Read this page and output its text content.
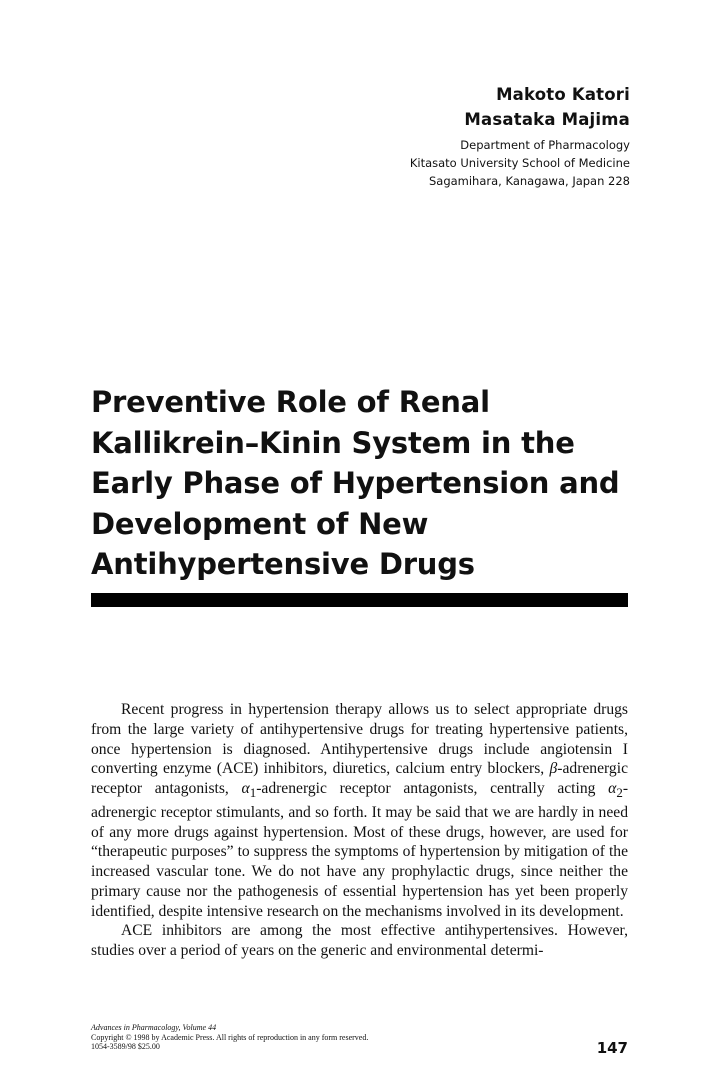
Makoto Katori
Masataka Majima
Department of Pharmacology
Kitasato University School of Medicine
Sagamihara, Kanagawa, Japan 228
Preventive Role of Renal
Kallikrein–Kinin System in the
Early Phase of Hypertension and
Development of New
Antihypertensive Drugs

Recent progress in hypertension therapy allows us to select appropriate drugs from the large variety of antihypertensive drugs for treating hypertensive patients, once hypertension is diagnosed. Antihypertensive drugs include angiotensin I converting enzyme (ACE) inhibitors, diuretics, calcium entry blockers, β-adrenergic receptor antagonists, $\alpha_1$-adrenergic receptor antagonists, centrally acting $\alpha_2$-adrenergic receptor stimulants, and so forth. It may be said that we are hardly in need of any more drugs against hypertension. Most of these drugs, however, are used for “therapeutic purposes” to suppress the symptoms of hypertension by mitigation of the increased vascular tone. We do not have any prophylactic drugs, since neither the primary cause nor the pathogenesis of essential hypertension has yet been properly identified, despite intensive research on the mechanisms involved in its development.

ACE inhibitors are among the most effective antihypertensives. However, studies over a period of years on the generic and environmental determi-

Advances in Pharmacology, Volume 44
Copyright © 1998 by Academic Press. All rights of reproduction in any form reserved.
1054-3589/98 $25.00	147
